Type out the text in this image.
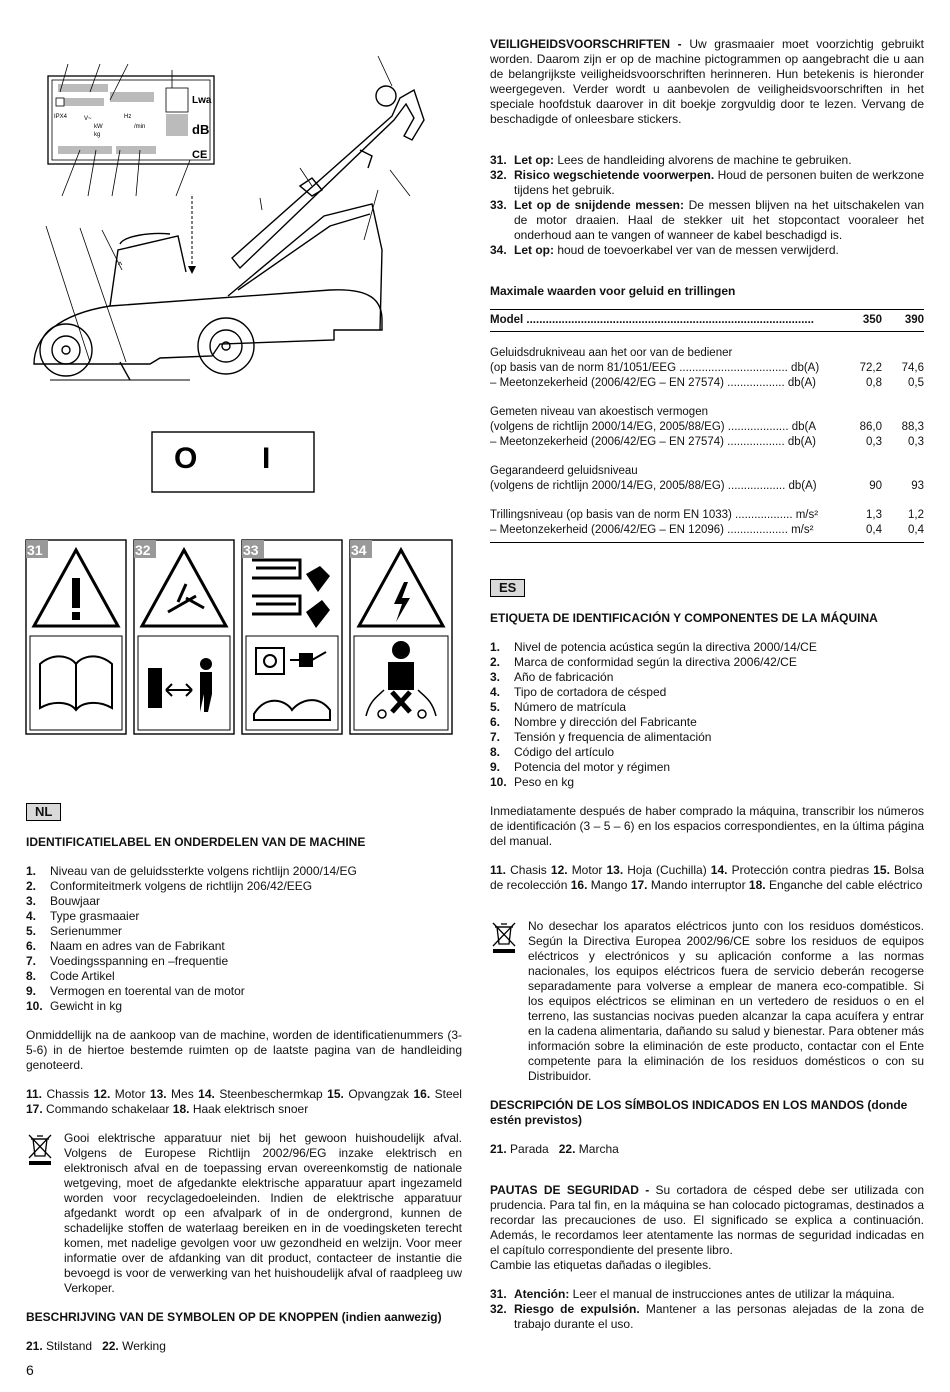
Lwa
dB
IPX4	V~	Hz
kW	/min
kg
CE
^
O I
31	32	33	34
NL

IDENTIFICATIELABEL EN ONDERDELEN VAN DE MACHINE

1. Niveau van de geluidssterkte volgens richtlijn 2000/14/EG
2. Conformiteitmerk volgens de richtlijn 206/42/EEG
3. Bouwjaar
4. Type grasmaaier
5. Serienummer
6. Naam en adres van de Fabrikant
7. Voedingsspanning en –frequentie
8. Code Artikel
9. Vermogen en toerental van de motor
10. Gewicht in kg

Onmiddellijk na de aankoop van de machine, worden de identificatienummers (3-5-6) in de hiertoe bestemde ruimten op de laatste pagina van de handleiding genoteerd.

11. Chassis 12. Motor 13. Mes 14. Steenbeschermkap 15. Opvangzak 16. Steel 17. Commando schakelaar 18. Haak elektrisch snoer

Gooi elektrische apparatuur niet bij het gewoon huishoudelijk afval. Volgens de Europese Richtlijn 2002/96/EG inzake elektrisch en elektronisch afval en de toepassing ervan overeenkomstig de nationale wetgeving, moet de afgedankte elektrische apparatuur apart ingezameld worden voor recyclagedoeleinden. Indien de elektrische apparatuur afgedankt wordt op een afvalpark of in de ondergrond, kunnen de schadelijke stoffen de waterlaag bereiken en in de voedingsketen terecht komen, met nadelige gevolgen voor uw gezondheid en welzijn. Voor meer informatie over de afdanking van dit product, contacteer de instantie die bevoegd is voor de verwerking van het huishoudelijk afval of raadpleeg uw Verkoper.

BESCHRIJVING VAN DE SYMBOLEN OP DE KNOPPEN (indien aanwezig)

21. Stilstand 22. Werking

6

VEILIGHEIDSVOORSCHRIFTEN - Uw grasmaaier moet voorzichtig gebruikt worden. Daarom zijn er op de machine pictogrammen op aangebracht die u aan de belangrijkste veiligheidsvoorschriften herinneren. Hun betekenis is hieronder weergegeven. Verder wordt u aanbevolen de veiligheidsvoorschriften in het speciale hoofdstuk daarover in dit boekje zorgvuldig door te lezen. Vervang de beschadigde of onleesbare stickers.

31. Let op: Lees de handleiding alvorens de machine te gebruiken.
32. Risico wegschietende voorwerpen. Houd de personen buiten de werkzone tijdens het gebruik.
33. Let op de snijdende messen: De messen blijven na het uitschakelen van de motor draaien. Haal de stekker uit het stopcontact vooraleer het onderhoud aan te vangen of wanneer de kabel beschadigd is.
34. Let op: houd de toevoerkabel ver van de messen verwijderd.

Maximale waarden voor geluid en trillingen

Model ..........................................................................................	350	390

Geluidsdrukniveau aan het oor van de bediener		
(op basis van de norm 81/1051/EEG .................................. db(A)	72,2	74,6
– Meetonzekerheid (2006/42/EG – EN 27574) .................. db(A)	0,8	0,5

Gemeten niveau van akoestisch vermogen		
(volgens de richtlijn 2000/14/EG, 2005/88/EG) ................... db(A	86,0	88,3
– Meetonzekerheid (2006/42/EG – EN 27574) .................. db(A)	0,3	0,3

Gegarandeerd geluidsniveau		
(volgens de richtlijn 2000/14/EG, 2005/88/EG) .................. db(A)	90	93

Trillingsniveau (op basis van de norm EN 1033) .................. m/s²	1,3	1,2
– Meetonzekerheid (2006/42/EG – EN 12096) ................... m/s²	0,4	0,4

ES

ETIQUETA DE IDENTIFICACIÓN Y COMPONENTES DE LA MÁQUINA

1. Nivel de potencia acústica según la directiva 2000/14/CE
2. Marca de conformidad según la directiva 2006/42/CE
3. Año de fabricación
4. Tipo de cortadora de césped
5. Número de matrícula
6. Nombre y dirección del Fabricante
7. Tensión y frequencia de alimentación
8. Código del artículo
9. Potencia del motor y régimen
10. Peso en kg

Inmediatamente después de haber comprado la máquina, transcribir los números de identificación (3 – 5 – 6) en los espacios correspondientes, en la última página del manual.

11. Chasis 12. Motor 13. Hoja (Cuchilla) 14. Protección contra piedras 15. Bolsa de recolección 16. Mango 17. Mando interruptor 18. Enganche del cable eléctrico

No desechar los aparatos eléctricos junto con los residuos domésticos. Según la Directiva Europea 2002/96/CE sobre los residuos de equipos eléctricos y electrónicos y su aplicación conforme a las normas nacionales, los equipos eléctricos fuera de servicio deberán recogerse separadamente para volverse a emplear de manera eco-compatible. Si los equipos eléctricos se eliminan en un vertedero de residuos o en el terreno, las sustancias nocivas pueden alcanzar la capa acuífera y entrar en la cadena alimentaria, dañando su salud y bienestar. Para obtener más información sobre la eliminación de este producto, contactar con el Ente competente para la eliminación de los residuos domésticos o con su Distribuidor.

DESCRIPCIÓN DE LOS SÍMBOLOS INDICADOS EN LOS MANDOS (donde estén previstos)

21. Parada 22. Marcha

PAUTAS DE SEGURIDAD - Su cortadora de césped debe ser utilizada con prudencia. Para tal fin, en la máquina se han colocado pictogramas, destinados a recordar las precauciones de uso. El significado se explica a continuación. Además, le recordamos leer atentamente las normas de seguridad indicadas en el capítulo correspondiente del presente libro.

Cambie las etiquetas dañadas o ilegibles.

31. Atención: Leer el manual de instrucciones antes de utilizar la máquina.
32. Riesgo de expulsión. Mantener a las personas alejadas de la zona de trabajo durante el uso.
